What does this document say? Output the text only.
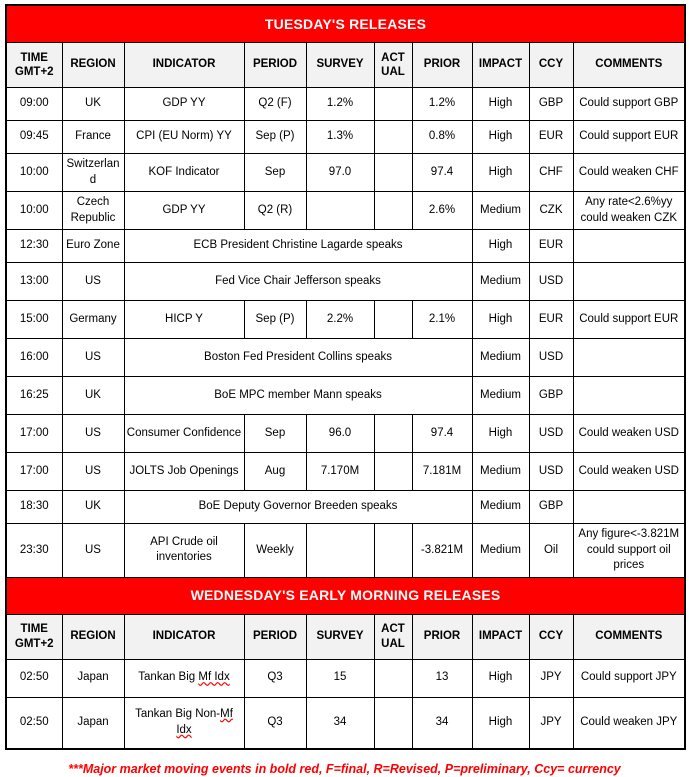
TUESDAY'S RELEASES									
TIME
GMT+2	REGION	INDICATOR	PERIOD	SURVEY	ACT
UAL	PRIOR	IMPACT	CCY	COMMENTS
09:00	UK	GDP YY	Q2 (F)	1.2%		1.2%	High	GBP	Could support GBP
09:45	France	CPI (EU Norm) YY	Sep (P)	1.3%		0.8%	High	EUR	Could support EUR
10:00	Switzerland	KOF Indicator	Sep	97.0		97.4	High	CHF	Could weaken CHF
10:00	Czech Republic	GDP YY	Q2 (R)			2.6%	Medium	CZK	Any rate<2.6%yy could weaken CZK
12:30	Euro Zone	ECB President Christine Lagarde speaks					High	EUR	
13:00	US	Fed Vice Chair Jefferson speaks					Medium	USD	
15:00	Germany	HICP Y	Sep (P)	2.2%		2.1%	High	EUR	Could support EUR
16:00	US	Boston Fed President Collins speaks					Medium	USD	
16:25	UK	BoE MPC member Mann speaks					Medium	GBP	
17:00	US	Consumer Confidence	Sep	96.0		97.4	High	USD	Could weaken USD
17:00	US	JOLTS Job Openings	Aug	7.170M		7.181M	Medium	USD	Could weaken USD
18:30	UK	BoE Deputy Governor Breeden speaks					Medium	GBP	
23:30	US	API Crude oil inventories	Weekly			-3.821M	Medium	Oil	Any figure<-3.821M could support oil prices
WEDNESDAY'S EARLY MORNING RELEASES									
TIME
GMT+2	REGION	INDICATOR	PERIOD	SURVEY	ACT
UAL	PRIOR	IMPACT	CCY	COMMENTS
02:50	Japan	Tankan Big Mf Idx	Q3	15		13	High	JPY	Could support JPY
02:50	Japan	Tankan Big Non-Mf Idx	Q3	34		34	High	JPY	Could weaken JPY
***Major market moving events in bold red, F=final, R=Revised, P=preliminary, Ccy= currency
